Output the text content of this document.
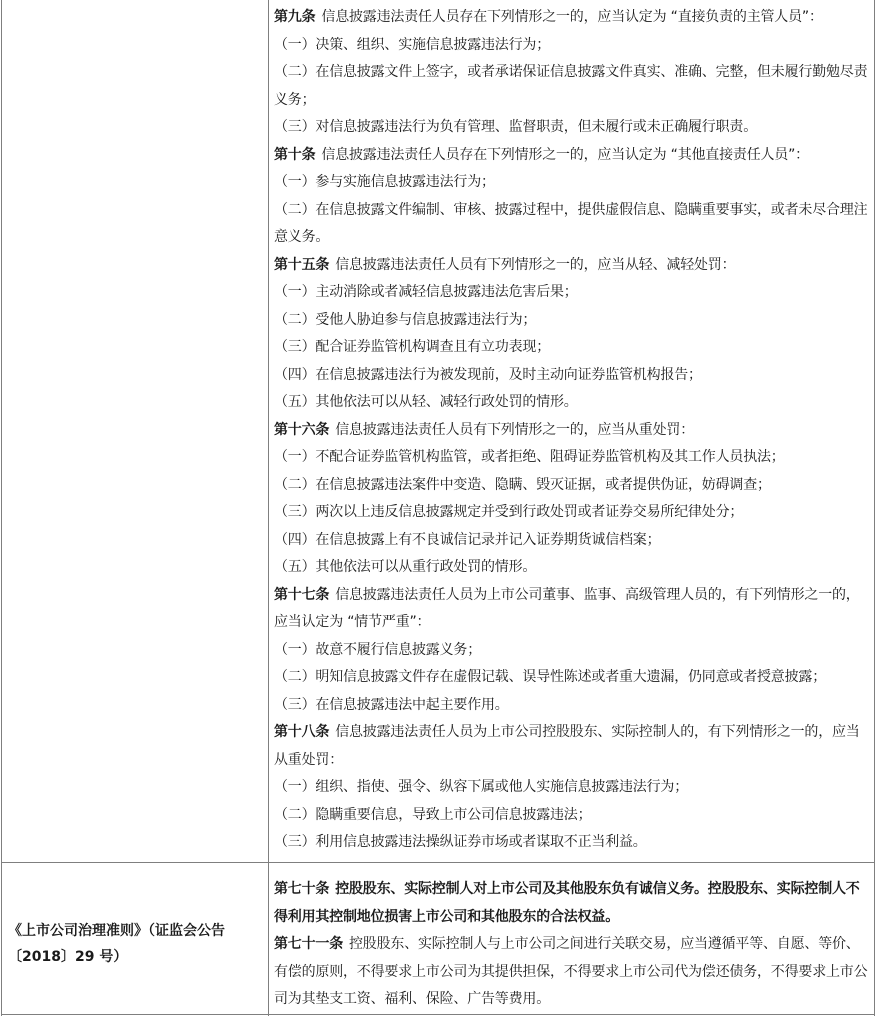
第九条 信息披露违法责任人员存在下列情形之一的，应当认定为 “直接负责的主管人员”：

（一）决策、组织、实施信息披露违法行为；

（二）在信息披露文件上签字，或者承诺保证信息披露文件真实、准确、完整，但未履行勤勉尽责义务；

（三）对信息披露违法行为负有管理、监督职责，但未履行或未正确履行职责。

第十条 信息披露违法责任人员存在下列情形之一的，应当认定为 “其他直接责任人员”：

（一）参与实施信息披露违法行为；

（二）在信息披露文件编制、审核、披露过程中，提供虚假信息、隐瞒重要事实，或者未尽合理注意义务。

第十五条 信息披露违法责任人员有下列情形之一的，应当从轻、减轻处罚：

（一）主动消除或者减轻信息披露违法危害后果；

（二）受他人胁迫参与信息披露违法行为；

（三）配合证券监管机构调查且有立功表现；

（四）在信息披露违法行为被发现前，及时主动向证券监管机构报告；

（五）其他依法可以从轻、减轻行政处罚的情形。

第十六条 信息披露违法责任人员有下列情形之一的，应当从重处罚：

（一）不配合证券监管机构监管，或者拒绝、阻碍证券监管机构及其工作人员执法；

（二）在信息披露违法案件中变造、隐瞒、毁灭证据，或者提供伪证，妨碍调查；

（三）两次以上违反信息披露规定并受到行政处罚或者证券交易所纪律处分；

（四）在信息披露上有不良诚信记录并记入证券期货诚信档案；

（五）其他依法可以从重行政处罚的情形。

第十七条 信息披露违法责任人员为上市公司董事、监事、高级管理人员的，有下列情形之一的，应当认定为 “情节严重”：

（一）故意不履行信息披露义务；

（二）明知信息披露文件存在虚假记载、误导性陈述或者重大遗漏，仍同意或者授意披露；

（三）在信息披露违法中起主要作用。

第十八条 信息披露违法责任人员为上市公司控股股东、实际控制人的，有下列情形之一的，应当从重处罚：

（一）组织、指使、强令、纵容下属或他人实施信息披露违法行为；

（二）隐瞒重要信息，导致上市公司信息披露违法；

（三）利用信息披露违法操纵证券市场或者谋取不正当利益。

《上市公司治理准则》（证监会公告〔2018〕29 号）

第七十条 控股股东、实际控制人对上市公司及其他股东负有诚信义务。控股股东、实际控制人不得利用其控制地位损害上市公司和其他股东的合法权益。

第七十一条 控股股东、实际控制人与上市公司之间进行关联交易，应当遵循平等、自愿、等价、有偿的原则，不得要求上市公司为其提供担保，不得要求上市公司代为偿还债务，不得要求上市公司为其垫支工资、福利、保险、广告等费用。
